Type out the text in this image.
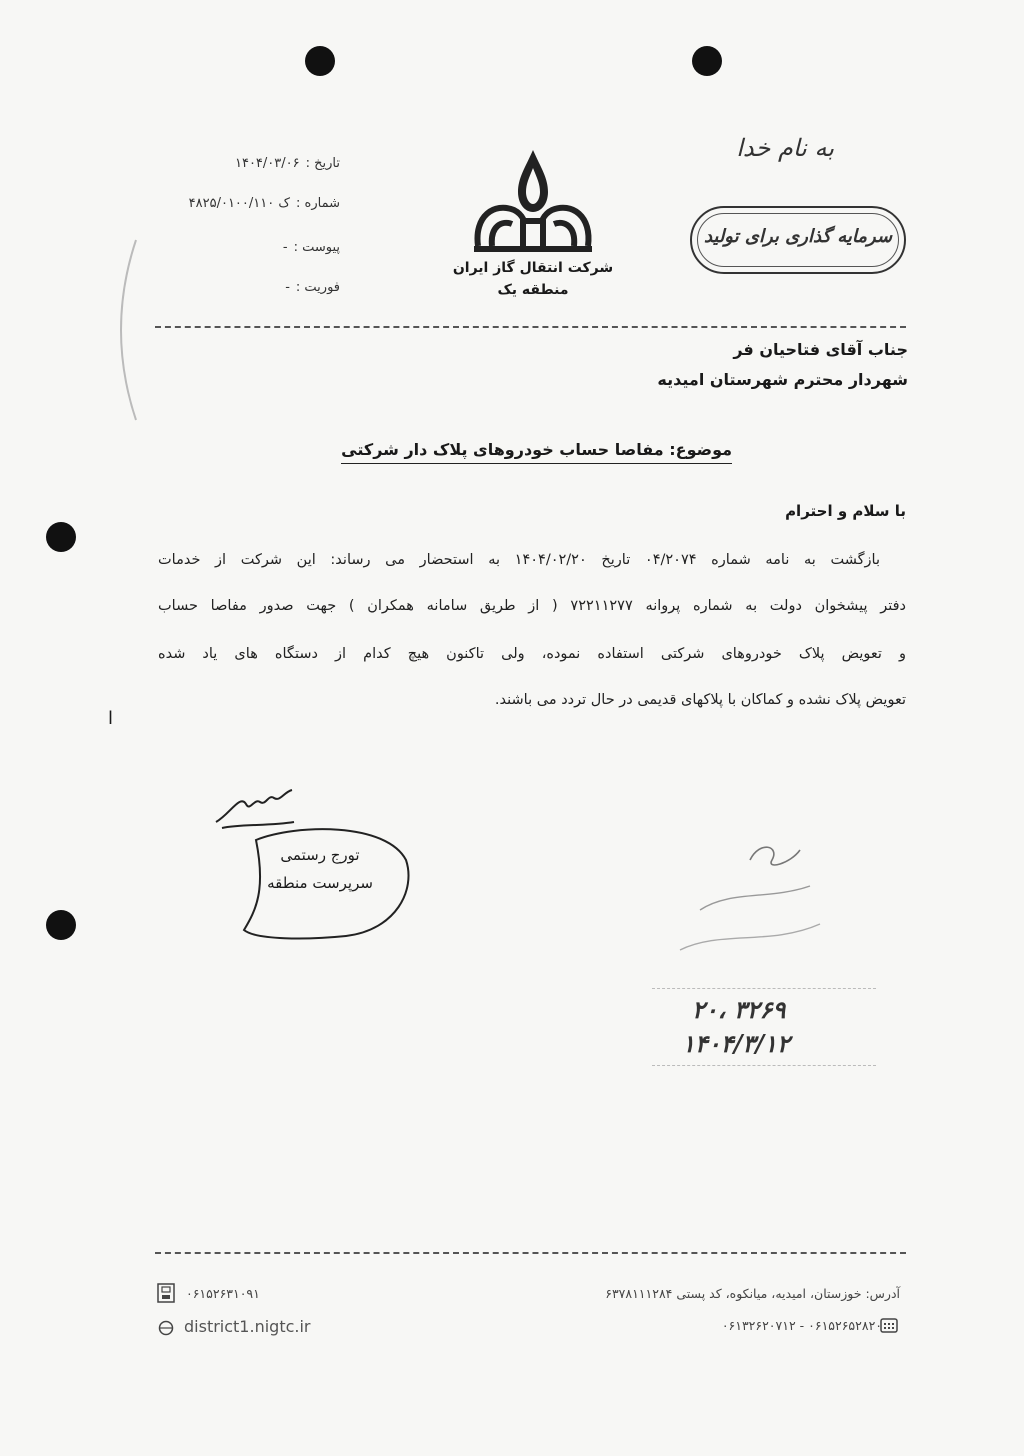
به نام خدا
سرمایه گذاری برای تولید
شرکت انتقال گاز ایران
منطقه یک
تاریخ :۱۴۰۴/۰۳/۰۶
شماره :ک ۴۸۲۵/۰۱۰۰/۱۱۰
پیوست :-
فوریت :-
جناب آقای فتاحیان فر
شهردار محترم شهرستان امیدیه
موضوع: مفاصا حساب خودروهای پلاک دار شرکتی
با سلام و احترام
بازگشت به نامه شماره ۰۴/۲۰۷۴ تاریخ ۱۴۰۴/۰۲/۲۰ به استحضار می رساند: این شرکت از خدمات
دفتر پیشخوان دولت به شماره پروانه ۷۲۲۱۱۲۷۷ ( از طریق سامانه همکران ) جهت صدور مفاصا حساب
و تعویض پلاک خودروهای شرکتی استفاده نموده، ولی تاکنون هیچ کدام از دستگاه های یاد شده
تعویض پلاک نشده و کماکان با پلاکهای قدیمی در حال تردد می باشند.
ا
تورج رستمی
سرپرست منطقه
۲۰، ۳۲۶۹
۱۴۰۴/۳/۱۲
۰۶۱۵۲۶۳۱۰۹۱
district1.nigtc.ir
آدرس: خوزستان، امیدیه، میانکوه، کد پستی ۶۳۷۸۱۱۱۲۸۴
۰۶۱۵۲۶۵۲۸۲۰ - ۰۶۱۳۲۶۲۰۷۱۲
